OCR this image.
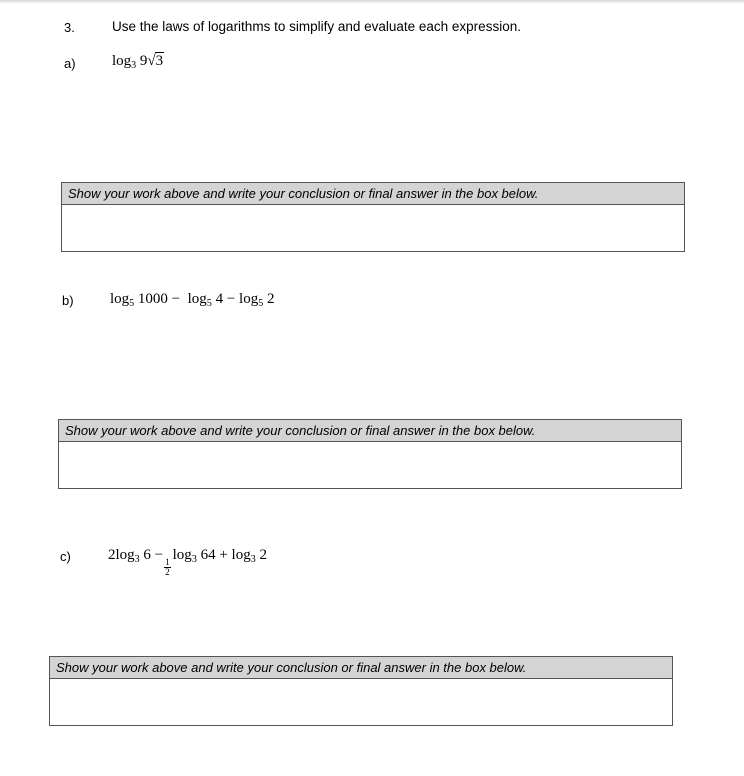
3.	Use the laws of logarithms to simplify and evaluate each expression.
a) $\log_3 9√3$
Show your work above and write your conclusion or final answer in the box below.
b) $\log_5 1000 - \log_5 4 - \log_5 2$
Show your work above and write your conclusion or final answer in the box below.
c) $2\log_3$ 6 −
$\frac{1}{2}$
$\log_3 64 + \log_3 2$
Show your work above and write your conclusion or final answer in the box below.
